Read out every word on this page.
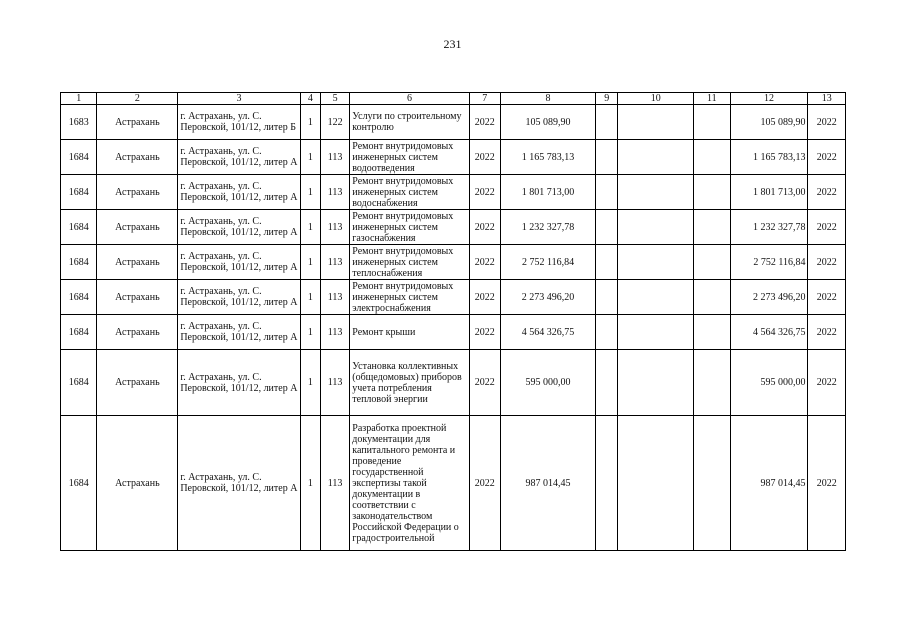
231
1	2	3	4	5	6	7	8	9	10	11	12	13
1683	Астрахань	г. Астрахань, ул. С. Перовской, 101/12, литер Б	1	122	Услуги по строительному контролю	2022	105 089,90				105 089,90	2022
1684	Астрахань	г. Астрахань, ул. С. Перовской, 101/12, литер А	1	113	Ремонт внутридомовых инженерных систем водоотведения	2022	1 165 783,13				1 165 783,13	2022
1684	Астрахань	г. Астрахань, ул. С. Перовской, 101/12, литер А	1	113	Ремонт внутридомовых инженерных систем водоснабжения	2022	1 801 713,00				1 801 713,00	2022
1684	Астрахань	г. Астрахань, ул. С. Перовской, 101/12, литер А	1	113	Ремонт внутридомовых инженерных систем газоснабжения	2022	1 232 327,78				1 232 327,78	2022
1684	Астрахань	г. Астрахань, ул. С. Перовской, 101/12, литер А	1	113	Ремонт внутридомовых инженерных систем теплоснабжения	2022	2 752 116,84				2 752 116,84	2022
1684	Астрахань	г. Астрахань, ул. С. Перовской, 101/12, литер А	1	113	Ремонт внутридомовых инженерных систем электроснабжения	2022	2 273 496,20				2 273 496,20	2022
1684	Астрахань	г. Астрахань, ул. С. Перовской, 101/12, литер А	1	113	Ремонт крыши	2022	4 564 326,75				4 564 326,75	2022
1684	Астрахань	г. Астрахань, ул. С. Перовской, 101/12, литер А	1	113	Установка коллективных (общедомовых) приборов учета потребления тепловой энергии	2022	595 000,00				595 000,00	2022
1684	Астрахань	г. Астрахань, ул. С. Перовской, 101/12, литер А	1	113	Разработка проектной документации для капитального ремонта и проведение государственной экспертизы такой документации в соответствии с законодательством Российской Федерации о градостроительной	2022	987 014,45				987 014,45	2022
